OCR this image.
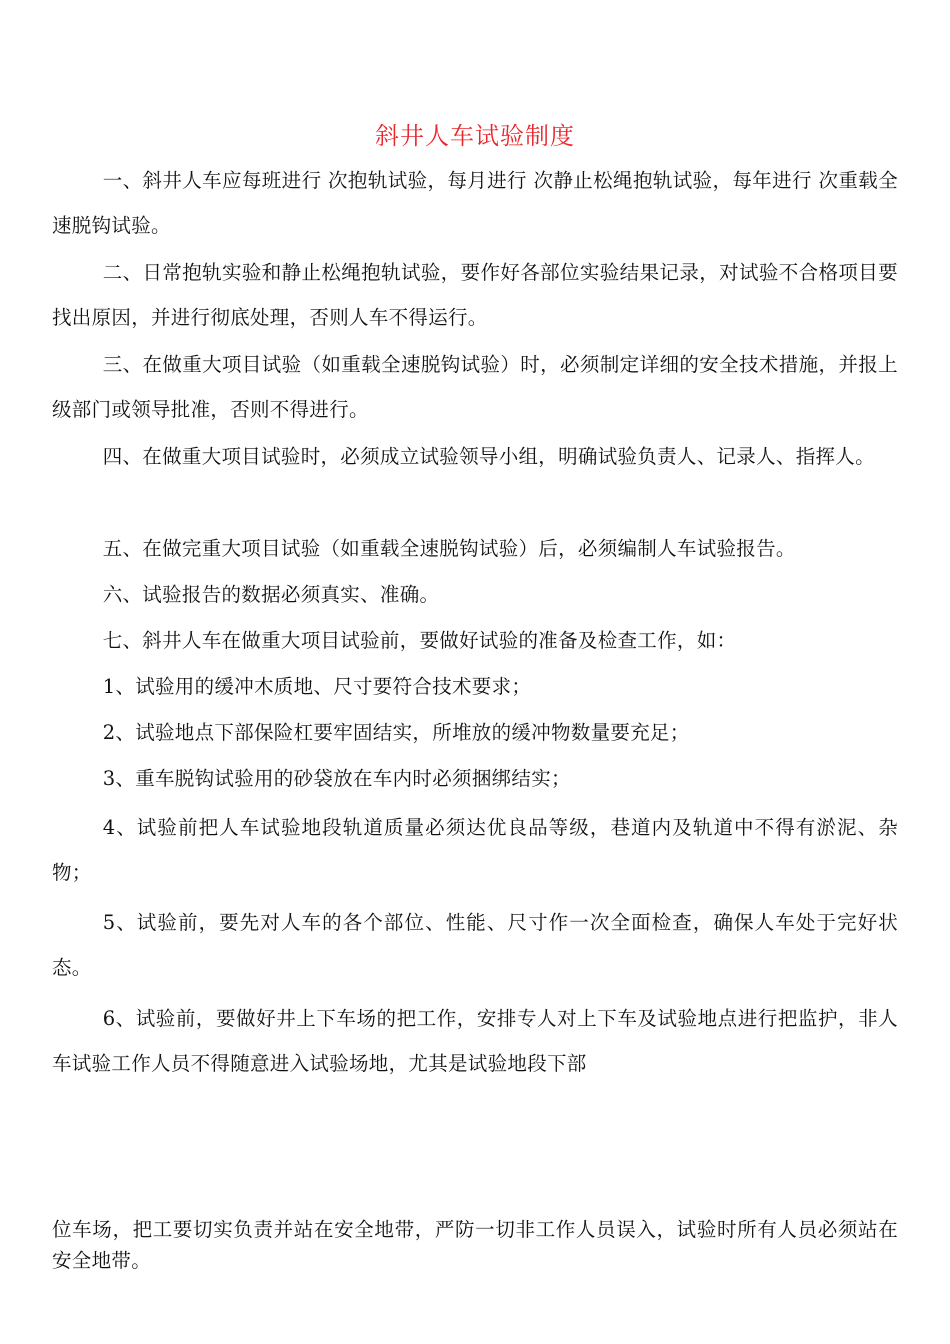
斜井人车试验制度
一、斜井人车应每班进行 次抱轨试验，每月进行 次静止松绳抱轨试验，每年进行 次重载全速脱钩试验。
二、日常抱轨实验和静止松绳抱轨试验，要作好各部位实验结果记录，对试验不合格项目要找出原因，并进行彻底处理，否则人车不得运行。
三、在做重大项目试验（如重载全速脱钩试验）时，必须制定详细的安全技术措施，并报上级部门或领导批准，否则不得进行。
四、在做重大项目试验时，必须成立试验领导小组，明确试验负责人、记录人、指挥人。
五、在做完重大项目试验（如重载全速脱钩试验）后，必须编制人车试验报告。
六、试验报告的数据必须真实、准确。
七、斜井人车在做重大项目试验前，要做好试验的准备及检查工作，如：
1、试验用的缓冲木质地、尺寸要符合技术要求；
2、试验地点下部保险杠要牢固结实，所堆放的缓冲物数量要充足；
3、重车脱钩试验用的砂袋放在车内时必须捆绑结实；
4、试验前把人车试验地段轨道质量必须达优良品等级，巷道内及轨道中不得有淤泥、杂物；
5、试验前，要先对人车的各个部位、性能、尺寸作一次全面检查，确保人车处于完好状态。
6、试验前，要做好井上下车场的把工作，安排专人对上下车及试验地点进行把监护，非人车试验工作人员不得随意进入试验场地，尤其是试验地段下部
位车场，把工要切实负责并站在安全地带，严防一切非工作人员误入，试验时所有人员必须站在安全地带。
